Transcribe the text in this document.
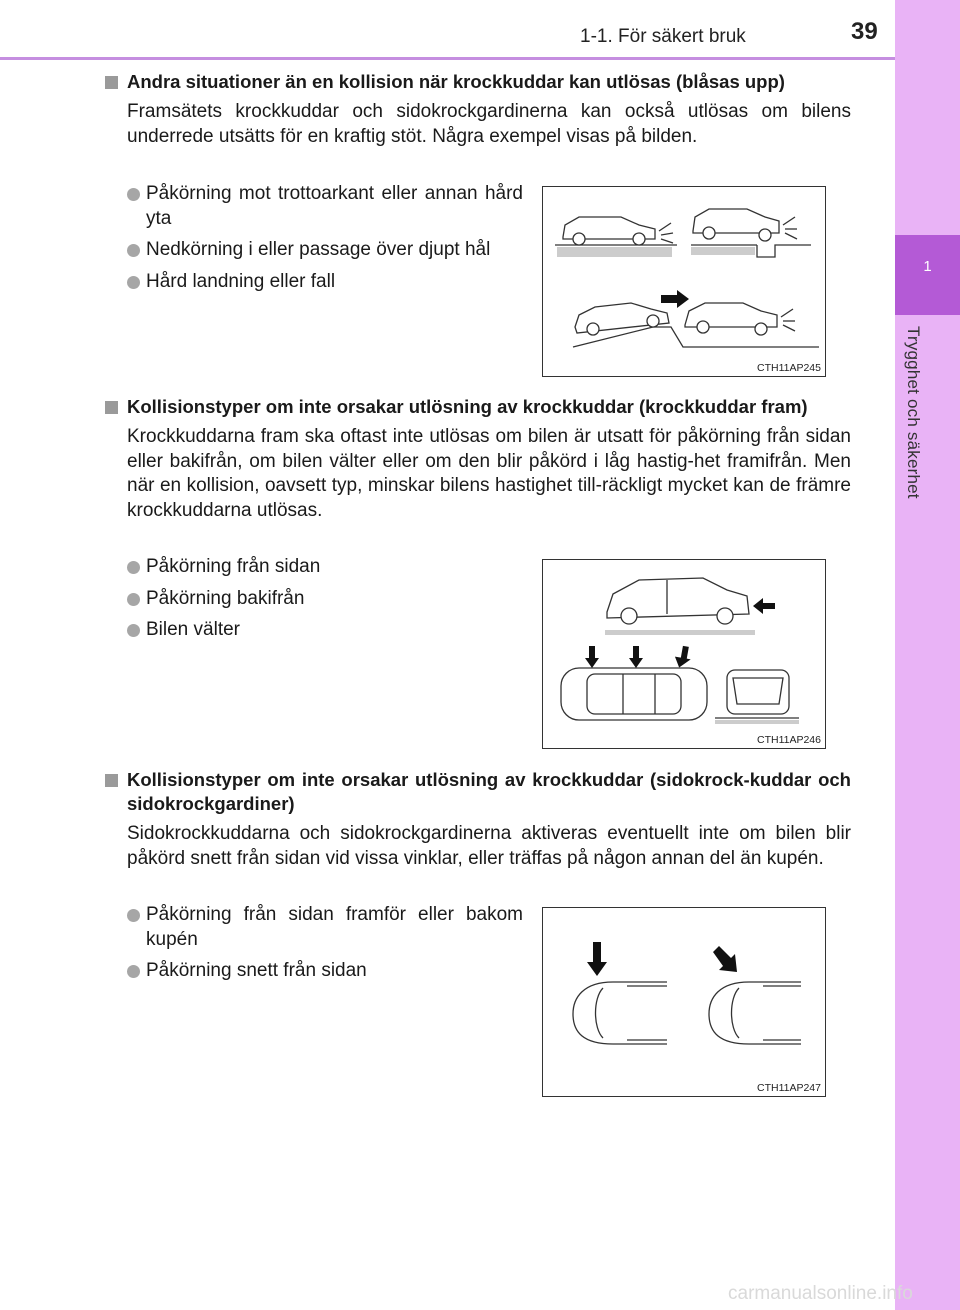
1-1. För säkert bruk	39
1
Trygghet och säkerhet
Andra situationer än en kollision när krockkuddar kan utlösas (blåsas upp)
Framsätets krockkuddar och sidokrockgardinerna kan också utlösas om bilens underrede utsätts för en kraftig stöt. Några exempel visas på bilden.
Påkörning mot trottoarkant eller annan hård yta
Nedkörning i eller passage över djupt hål
Hård landning eller fall
CTH11AP245
Kollisionstyper om inte orsakar utlösning av krockkuddar (krockkuddar fram)
Krockkuddarna fram ska oftast inte utlösas om bilen är utsatt för påkörning från sidan eller bakifrån, om bilen välter eller om den blir påkörd i låg hastig-het framifrån. Men när en kollision, oavsett typ, minskar bilens hastighet till-räckligt mycket kan de främre krockkuddarna utlösas.
Påkörning från sidan
Påkörning bakifrån
Bilen välter
CTH11AP246
Kollisionstyper om inte orsakar utlösning av krockkuddar (sidokrock-kuddar och sidokrockgardiner)
Sidokrockkuddarna och sidokrockgardinerna aktiveras eventuellt inte om bilen blir påkörd snett från sidan vid vissa vinklar, eller träffas på någon annan del än kupén.
Påkörning från sidan framför eller bakom kupén
Påkörning snett från sidan
CTH11AP247
carmanualsonline.info
